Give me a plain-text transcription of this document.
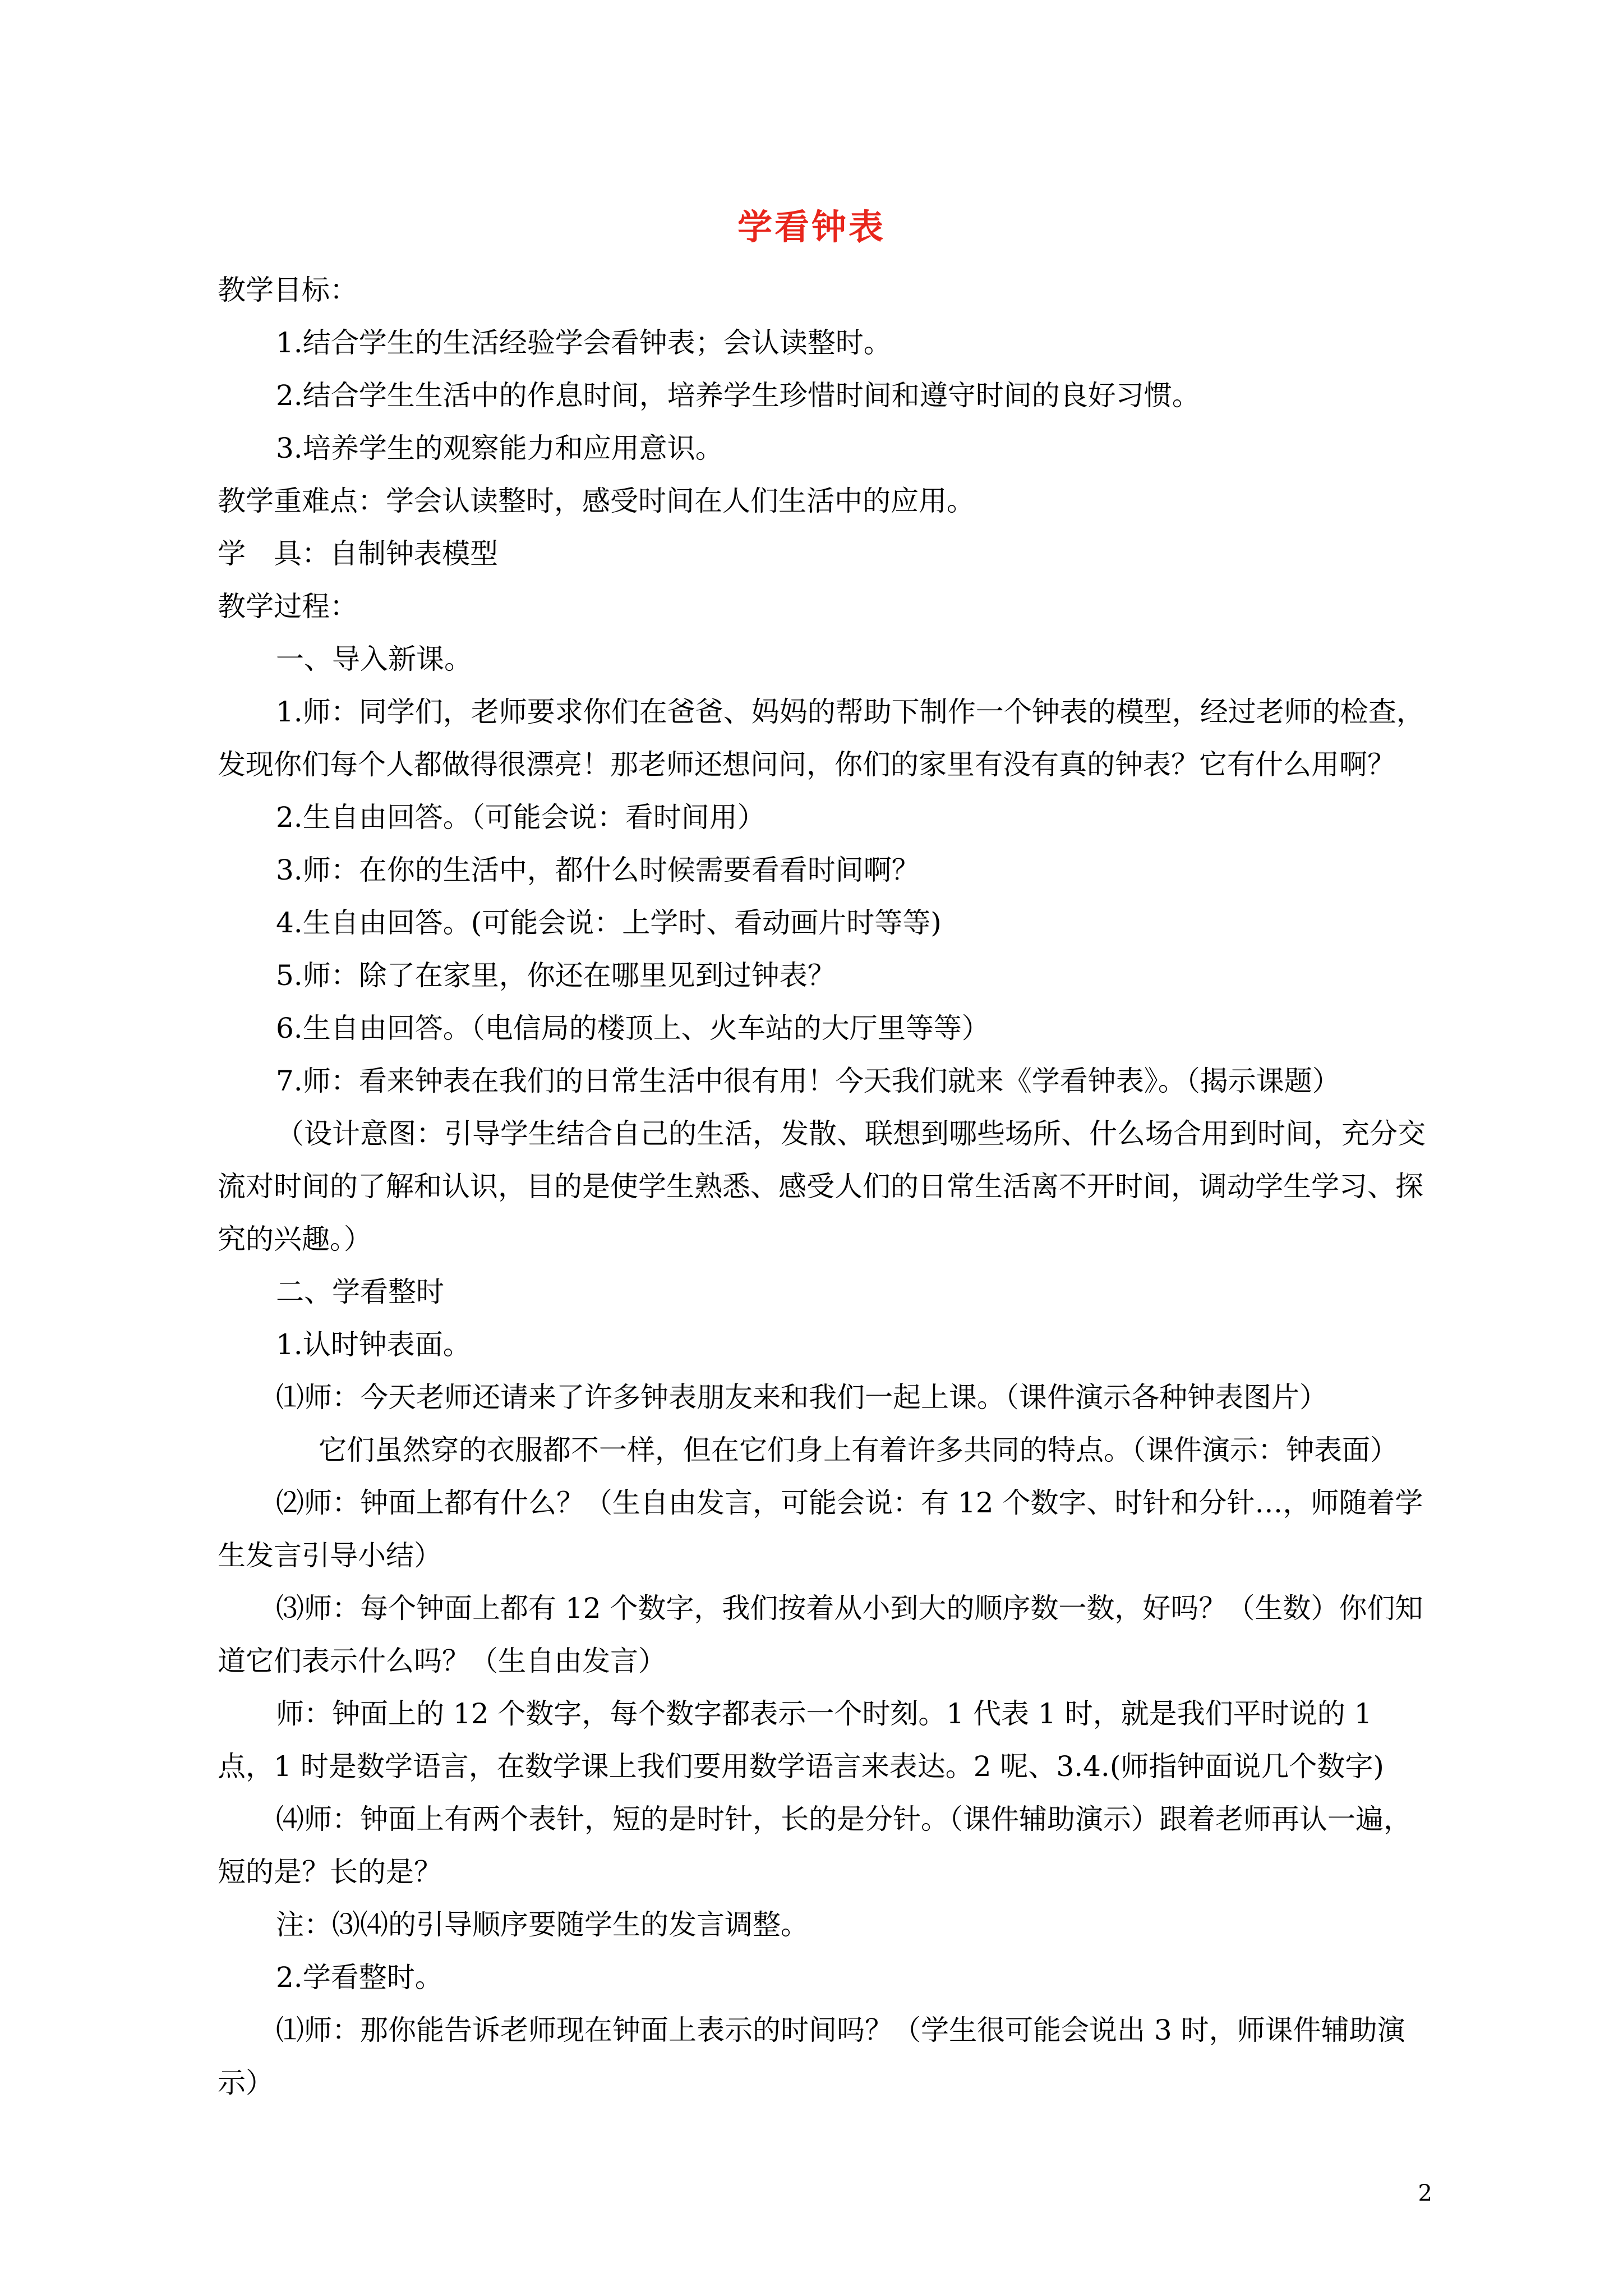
学看钟表

教学目标：

1.结合学生的生活经验学会看钟表；会认读整时。

2.结合学生生活中的作息时间，培养学生珍惜时间和遵守时间的良好习惯。

3.培养学生的观察能力和应用意识。

教学重难点：学会认读整时，感受时间在人们生活中的应用。

学　具：自制钟表模型

教学过程：

一、导入新课。

1.师：同学们，老师要求你们在爸爸、妈妈的帮助下制作一个钟表的模型，经过老师的检查，发现你们每个人都做得很漂亮！那老师还想问问，你们的家里有没有真的钟表？它有什么用啊？

2.生自由回答。（可能会说：看时间用）

3.师：在你的生活中，都什么时候需要看看时间啊？

4.生自由回答。(可能会说：上学时、看动画片时等等)

5.师：除了在家里，你还在哪里见到过钟表？

6.生自由回答。（电信局的楼顶上、火车站的大厅里等等）

7.师：看来钟表在我们的日常生活中很有用！今天我们就来《学看钟表》。（揭示课题）

（设计意图：引导学生结合自己的生活，发散、联想到哪些场所、什么场合用到时间，充分交流对时间的了解和认识，目的是使学生熟悉、感受人们的日常生活离不开时间，调动学生学习、探究的兴趣。）

二、学看整时

1.认时钟表面。

⑴师：今天老师还请来了许多钟表朋友来和我们一起上课。（课件演示各种钟表图片）

它们虽然穿的衣服都不一样，但在它们身上有着许多共同的特点。（课件演示：钟表面）

⑵师：钟面上都有什么？（生自由发言，可能会说：有 12 个数字、时针和分针…，师随着学生发言引导小结）

⑶师：每个钟面上都有 12 个数字，我们按着从小到大的顺序数一数，好吗？（生数）你们知道它们表示什么吗？（生自由发言）

师：钟面上的 12 个数字，每个数字都表示一个时刻。1 代表 1 时，就是我们平时说的 1 点，1 时是数学语言，在数学课上我们要用数学语言来表达。2 呢、3.4.(师指钟面说几个数字)

⑷师：钟面上有两个表针，短的是时针，长的是分针。（课件辅助演示）跟着老师再认一遍，短的是？长的是？

注：⑶⑷的引导顺序要随学生的发言调整。

2.学看整时。

⑴师：那你能告诉老师现在钟面上表示的时间吗？（学生很可能会说出 3 时，师课件辅助演示）

2
